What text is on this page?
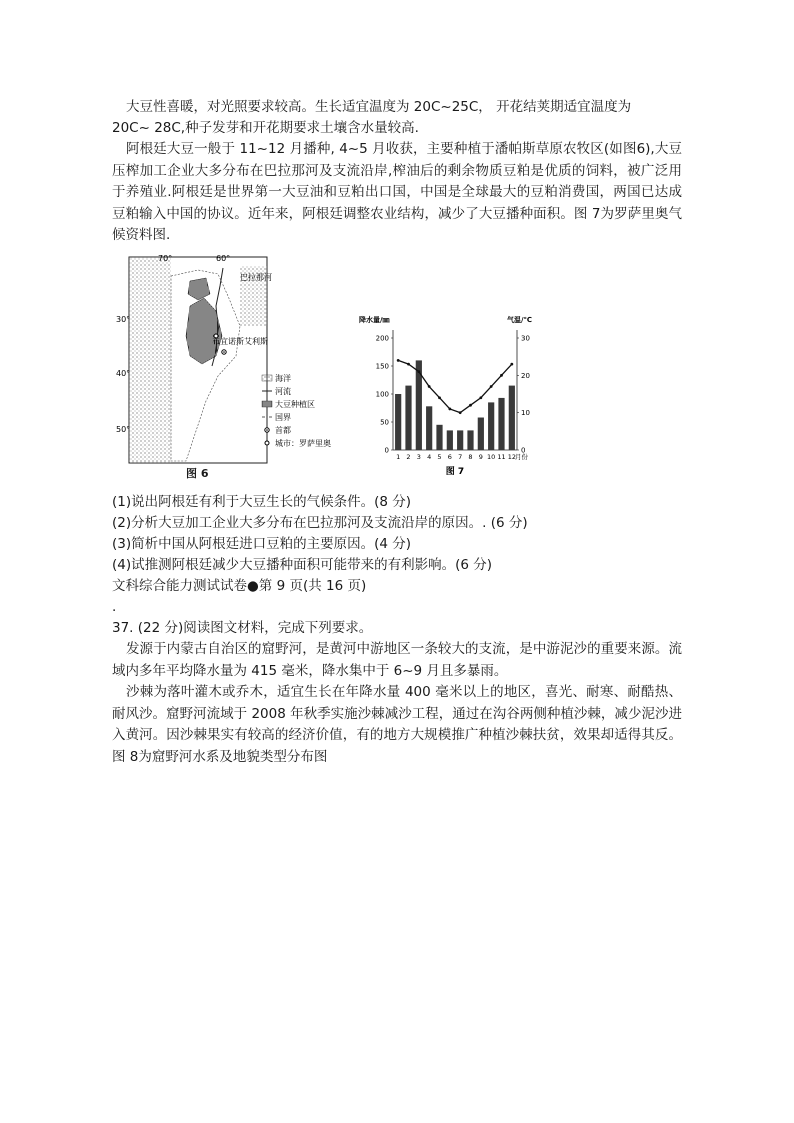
大豆性喜暖，对光照要求较高。生长适宜温度为 20C~25C， 开花结荚期适宜温度为

20C~ 28C,种子发芽和开花期要求土壤含水量较高.

阿根廷大豆一般于 11~12 月播种, 4~5 月收获，主要种植于潘帕斯草原农牧区(如图6),大豆压榨加工企业大多分布在巴拉那河及支流沿岸,榨油后的剩余物质豆粕是优质的饲料，被广泛用于养殖业.阿根廷是世界第一大豆油和豆粕出口国，中国是全球最大的豆粕消费国，两国已达成豆粕输入中国的协议。近年来，阿根廷调整农业结构，减少了大豆播种面积。图 7为罗萨里奥气候资料图.

布宜诺斯艾利斯
巴拉那河
70°	60°
30°
40°
50°
海洋
河流
大豆种植区
国界
首都
城市：罗萨里奥
图 6
降水量/㎜	气温/℃
0
50
100
150
200
0
10
20
30
1 2 3 4 5 6 7 8 9 10 11 12 月份
图 7

(1)说出阿根廷有利于大豆生长的气候条件。(8 分)

(2)分析大豆加工企业大多分布在巴拉那河及支流沿岸的原因。. (6 分)

(3)简析中国从阿根廷进口豆粕的主要原因。(4 分)

(4)试推测阿根廷减少大豆播种面积可能带来的有利影响。(6 分)

文科综合能力测试试卷●第 9 页(共 16 页)

.

37. (22 分)阅读图文材料，完成下列要求。

发源于内蒙古自治区的窟野河，是黄河中游地区一条较大的支流，是中游泥沙的重要来源。流域内多年平均降水量为 415 毫米，降水集中于 6~9 月且多暴雨。

沙棘为落叶灌木或乔木，适宜生长在年降水量 400 毫米以上的地区，喜光、耐寒、耐酷热、耐风沙。窟野河流域于 2008 年秋季实施沙棘减沙工程，通过在沟谷两侧种植沙棘，减少泥沙进入黄河。因沙棘果实有较高的经济价值，有的地方大规模推广种植沙棘扶贫，效果却适得其反。图 8为窟野河水系及地貌类型分布图
